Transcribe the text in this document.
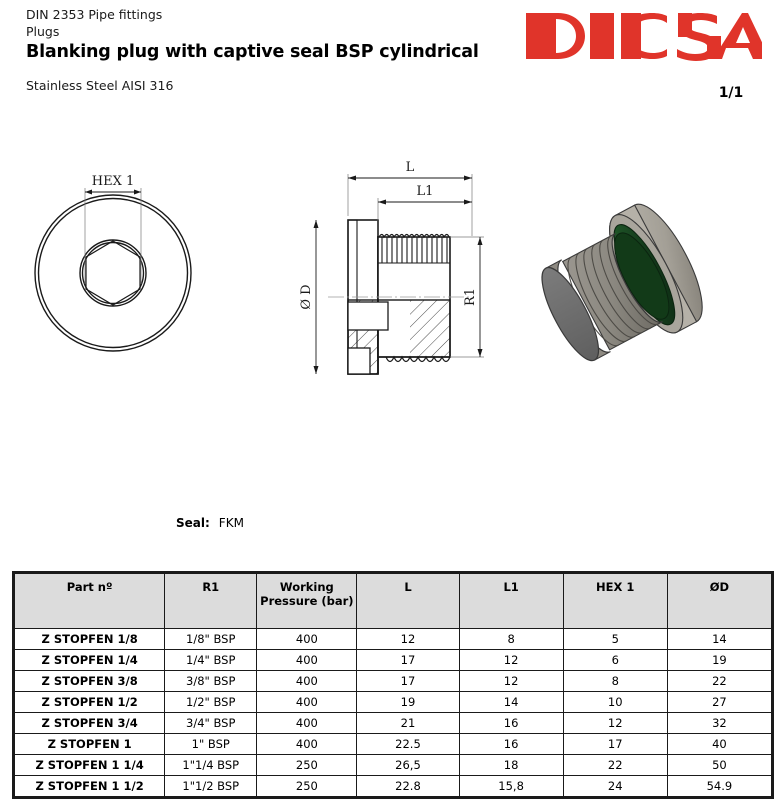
DIN 2353 Pipe fittings
Plugs
Blanking plug with captive seal BSP cylindrical
Stainless Steel AISI 316	1/1
HEX 1
L
L1
Ø D	R1
Seal: FKM
Part nº	R1	Working Pressure (bar)	L	L1	HEX 1	ØD
Z STOPFEN 1/8	1/8" BSP	400	12	8	5	14
Z STOPFEN 1/4	1/4" BSP	400	17	12	6	19
Z STOPFEN 3/8	3/8" BSP	400	17	12	8	22
Z STOPFEN 1/2	1/2" BSP	400	19	14	10	27
Z STOPFEN 3/4	3/4" BSP	400	21	16	12	32
Z STOPFEN 1	1" BSP	400	22.5	16	17	40
Z STOPFEN 1 1/4	1"1/4 BSP	250	26,5	18	22	50
Z STOPFEN 1 1/2	1"1/2 BSP	250	22.8	15,8	24	54.9
